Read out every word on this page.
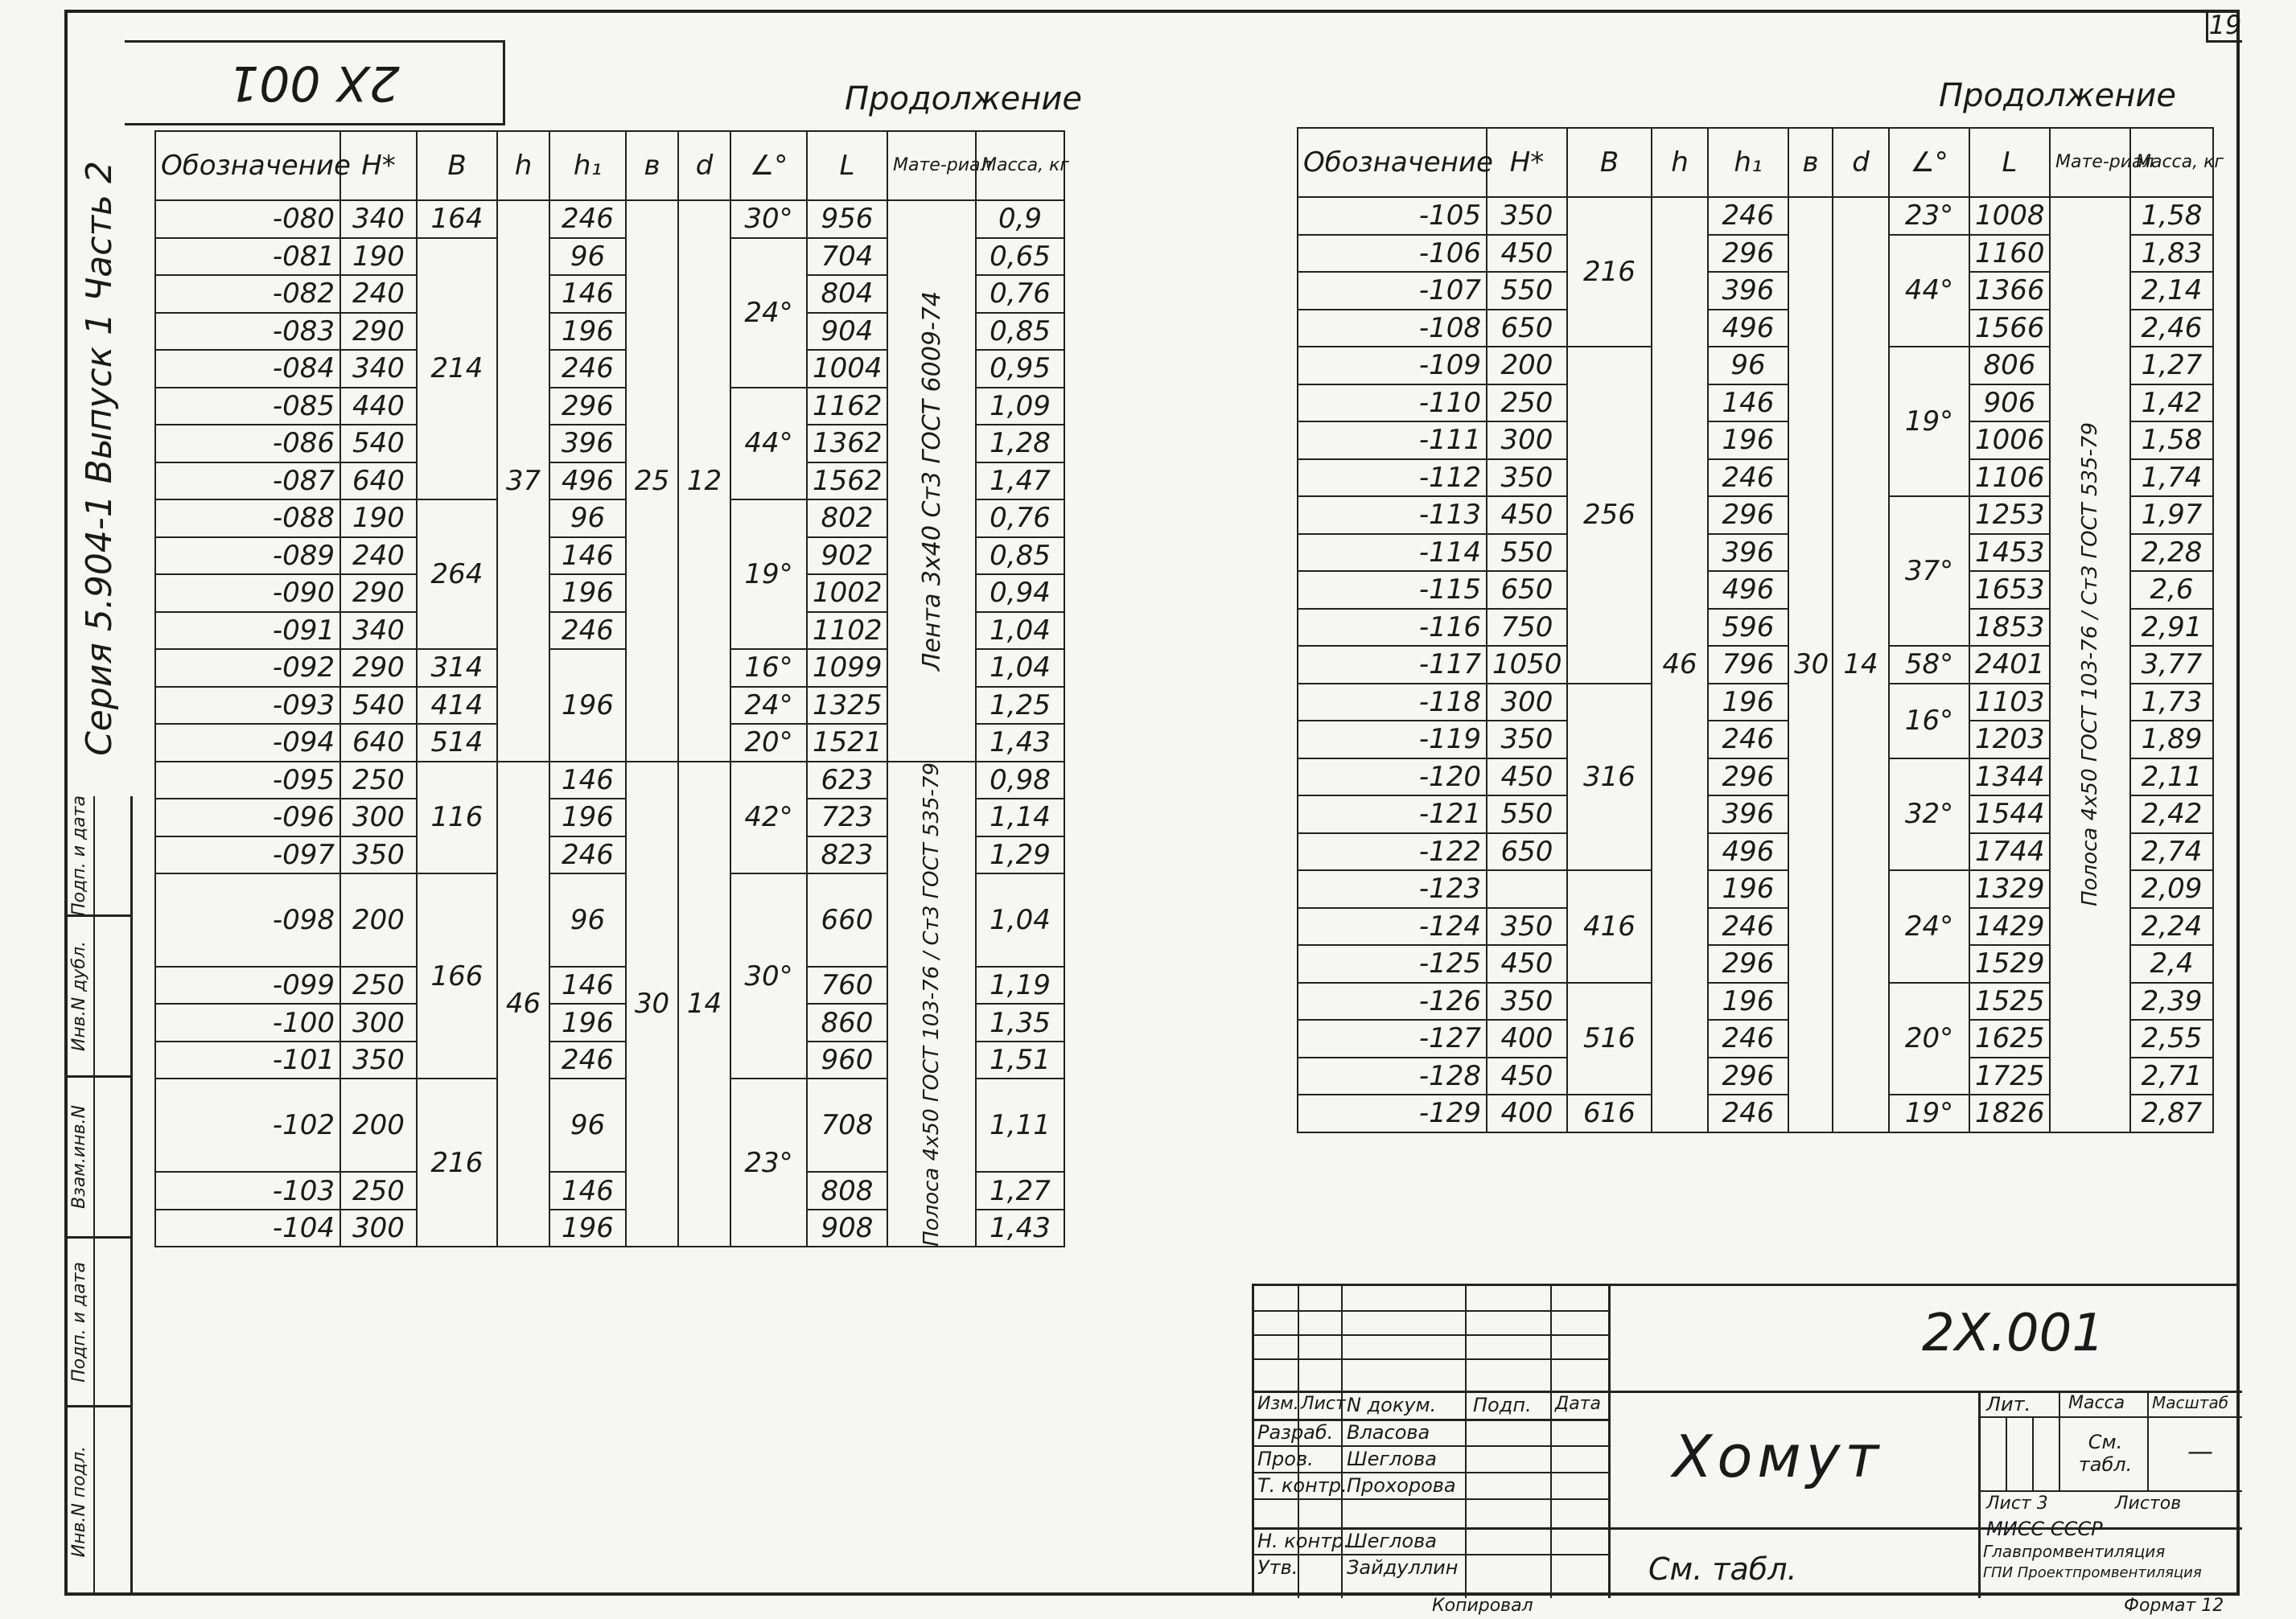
19
2X 001
Серия 5.904-1 Выпуск 1 Часть 2
Подп. и дата
Инв.N дубл.
Взам.инв.N
Подп. и дата
Инв.N подл.
Продолжение	Продолжение
Обозначение	H*	B	h	h₁	в	d	∠°	L	Мате-риал	Масса, кг

-080	340	164	37	246	25	12	30°	956	Лента 3x40 Ст3 ГОСТ 6009-74	0,9
-081	190	214		96			24°	704		0,65
-082	240			146				804		0,76
-083	290			196				904		0,85
-084	340			246				1004		0,95
-085	440			296			44°	1162		1,09
-086	540			396				1362		1,28
-087	640			496				1562		1,47
-088	190	264		96			19°	802		0,76
-089	240			146				902		0,85
-090	290			196				1002		0,94
-091	340			246				1102		1,04
-092	290	314		196			16°	1099		1,04
-093	540	414					24°	1325		1,25
-094	640	514					20°	1521		1,43
-095	250	116	46	146	30	14	42°	623	Полоса 4x50 ГОСТ 103-76 / Ст3 ГОСТ 535-79	0,98
-096	300			196				723		1,14
-097	350			246				823		1,29
-098	200	166		96			30°	660		1,04
-099	250			146				760		1,19
-100	300			196				860		1,35
-101	350			246				960		1,51
-102	200	216		96			23°	708		1,11
-103	250			146				808		1,27
-104	300			196				908		1,43
Обозначение	H*	B	h	h₁	в	d	∠°	L	Мате-риал	Масса, кг

-105	350	216	46	246	30	14	23°	1008	Полоса 4x50 ГОСТ 103-76 / Ст3 ГОСТ 535-79	1,58
-106	450			296			44°	1160		1,83
-107	550			396				1366		2,14
-108	650			496				1566		2,46
-109	200	256		96			19°	806		1,27
-110	250			146				906		1,42
-111	300			196				1006		1,58
-112	350			246				1106		1,74
-113	450			296			37°	1253		1,97
-114	550			396				1453		2,28
-115	650			496				1653		2,6
-116	750			596				1853		2,91
-117	1050			796			58°	2401		3,77
-118	300	316		196			16°	1103		1,73
-119	350			246				1203		1,89
-120	450			296			32°	1344		2,11
-121	550			396				1544		2,42
-122	650			496				1744		2,74
-123		416		196			24°	1329		2,09
-124	350			246				1429		2,24
-125	450			296				1529		2,4
-126	350	516		196			20°	1525		2,39
-127	400			246				1625		2,55
-128	450			296				1725		2,71
-129	400	616		246			19°	1826		2,87
2X.001
Хомут
См. табл.
Изм. Лист N докум. Подп. Дата
Разраб. Власова
Пров. Шеглова
Т. контр. Прохорова
Н. контр.
Шеглова
Утв.	Зайдуллин
Лит. Масса Масштаб
См. табл.	—
Лист 3	Листов
МИСС СССР
Главпромвентиляция
ГПИ Проектпромвентиляция
Копировал	Формат 12
